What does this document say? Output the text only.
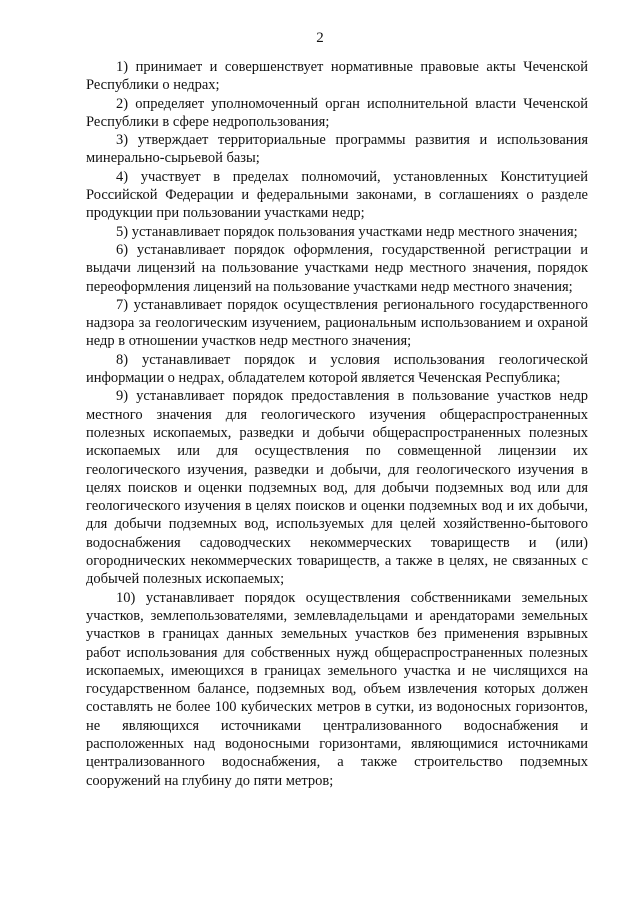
2

1) принимает и совершенствует нормативные правовые акты Чеченской Республики о недрах;

2) определяет уполномоченный орган исполнительной власти Чеченской Республики в сфере недропользования;

3) утверждает территориальные программы развития и использования минерально-сырьевой базы;

4) участвует в пределах полномочий, установленных Конституцией Российской Федерации и федеральными законами, в соглашениях о разделе продукции при пользовании участками недр;

5) устанавливает порядок пользования участками недр местного значения;

6) устанавливает порядок оформления, государственной регистрации и выдачи лицензий на пользование участками недр местного значения, порядок переоформления лицензий на пользование участками недр местного значения;

7) устанавливает порядок осуществления регионального государственного надзора за геологическим изучением, рациональным использованием и охраной недр в отношении участков недр местного значения;

8) устанавливает порядок и условия использования геологической информации о недрах, обладателем которой является Чеченская Республика;

9) устанавливает порядок предоставления в пользование участков недр местного значения для геологического изучения общераспространенных полезных ископаемых, разведки и добычи общераспространенных полезных ископаемых или для осуществления по совмещенной лицензии их геологического изучения, разведки и добычи, для геологического изучения в целях поисков и оценки подземных вод, для добычи подземных вод или для геологического изучения в целях поисков и оценки подземных вод и их добычи, для добычи подземных вод, используемых для целей хозяйственно-бытового водоснабжения садоводческих некоммерческих товариществ и (или) огороднических некоммерческих товариществ, а также в целях, не связанных с добычей полезных ископаемых;

10) устанавливает порядок осуществления собственниками земельных участков, землепользователями, землевладельцами и арендаторами земельных участков в границах данных земельных участков без применения взрывных работ использования для собственных нужд общераспространенных полезных ископаемых, имеющихся в границах земельного участка и не числящихся на государственном балансе, подземных вод, объем извлечения которых должен составлять не более 100 кубических метров в сутки, из водоносных горизонтов, не являющихся источниками централизованного водоснабжения и расположенных над водоносными горизонтами, являющимися источниками централизованного водоснабжения, а также строительство подземных сооружений на глубину до пяти метров;
